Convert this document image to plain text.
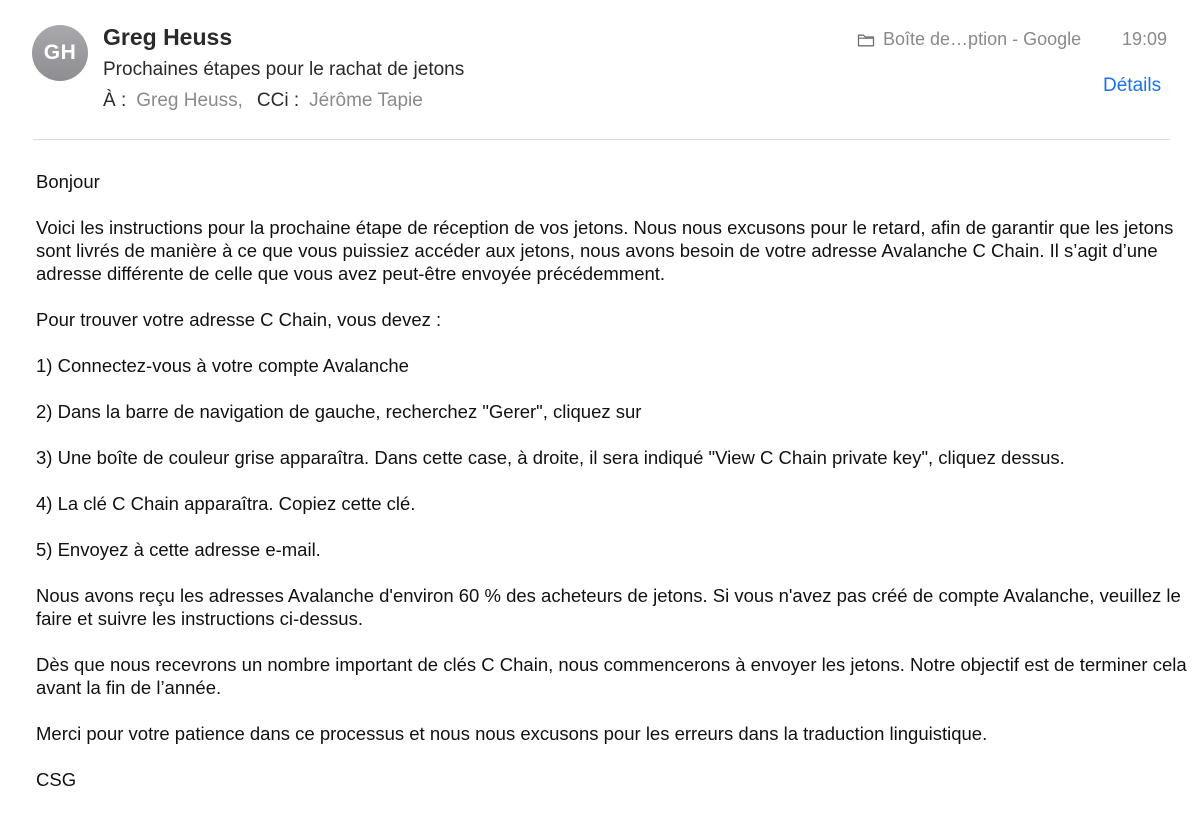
GH
Greg Heuss
Prochaines étapes pour le rachat de jetons
À : Greg Heuss, CCi : Jérôme Tapie
Boîte de…ption - Google 19:09
Détails

Bonjour

Voici les instructions pour la prochaine étape de réception de vos jetons. Nous nous excusons pour le retard, afin de garantir que les jetons sont livrés de manière à ce que vous puissiez accéder aux jetons, nous avons besoin de votre adresse Avalanche C Chain. Il s’agit d’une adresse différente de celle que vous avez peut-être envoyée précédemment.

Pour trouver votre adresse C Chain, vous devez :

1) Connectez-vous à votre compte Avalanche

2) Dans la barre de navigation de gauche, recherchez "Gerer", cliquez sur

3) Une boîte de couleur grise apparaîtra. Dans cette case, à droite, il sera indiqué "View C Chain private key", cliquez dessus.

4) La clé C Chain apparaîtra. Copiez cette clé.

5) Envoyez à cette adresse e-mail.

Nous avons reçu les adresses Avalanche d'environ 60 % des acheteurs de jetons. Si vous n'avez pas créé de compte Avalanche, veuillez le faire et suivre les instructions ci-dessus.

Dès que nous recevrons un nombre important de clés C Chain, nous commencerons à envoyer les jetons. Notre objectif est de terminer cela avant la fin de l’année.

Merci pour votre patience dans ce processus et nous nous excusons pour les erreurs dans la traduction linguistique.

CSG
